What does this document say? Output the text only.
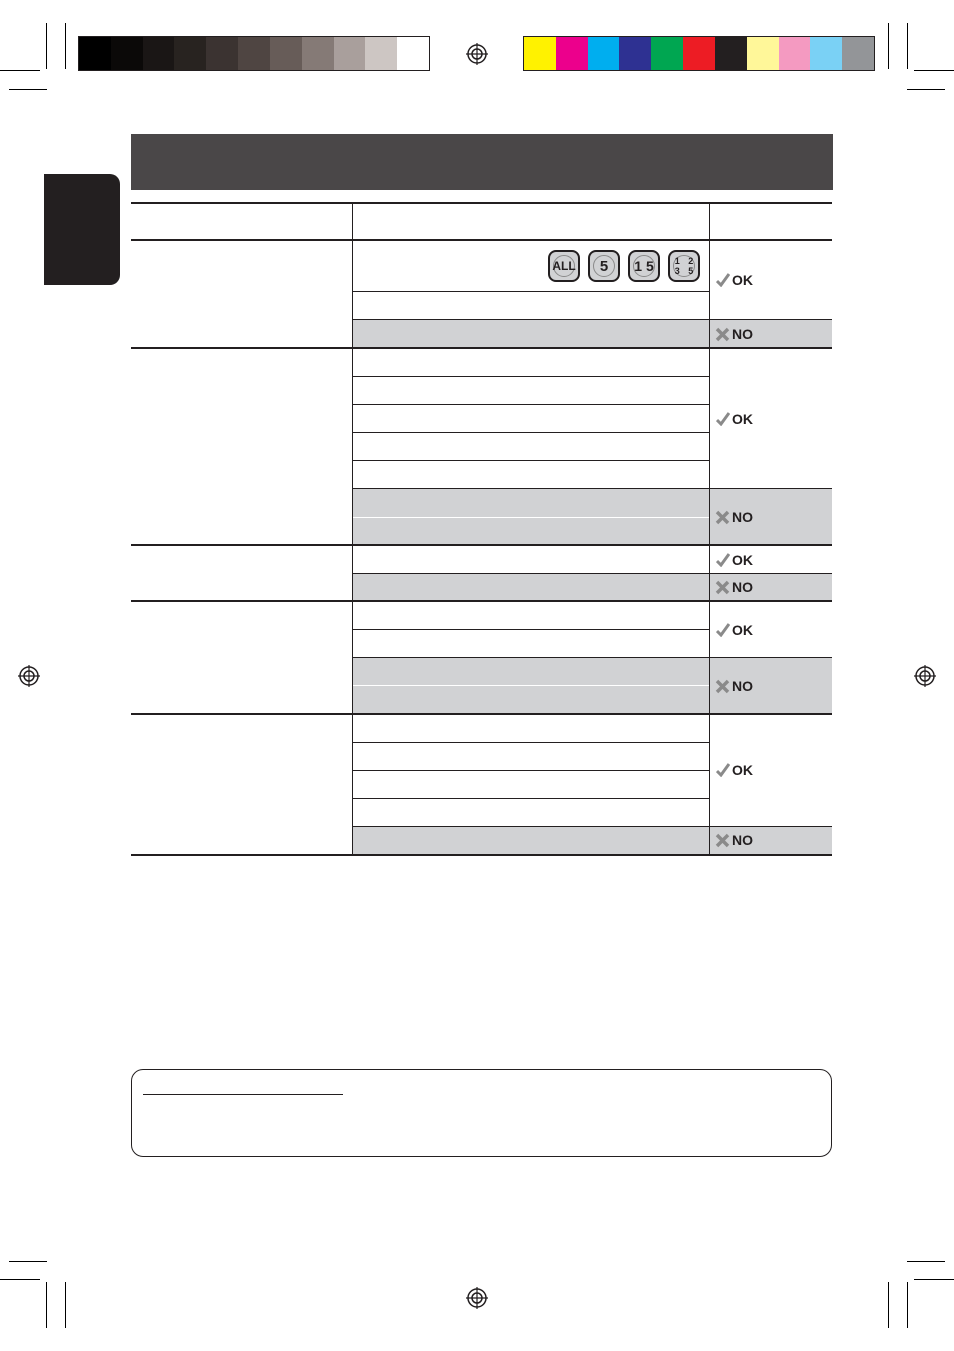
ALL 5 1 5 1 2 3 5
OK
NO
OK
NO
OK
NO
OK
NO
OK
NO
